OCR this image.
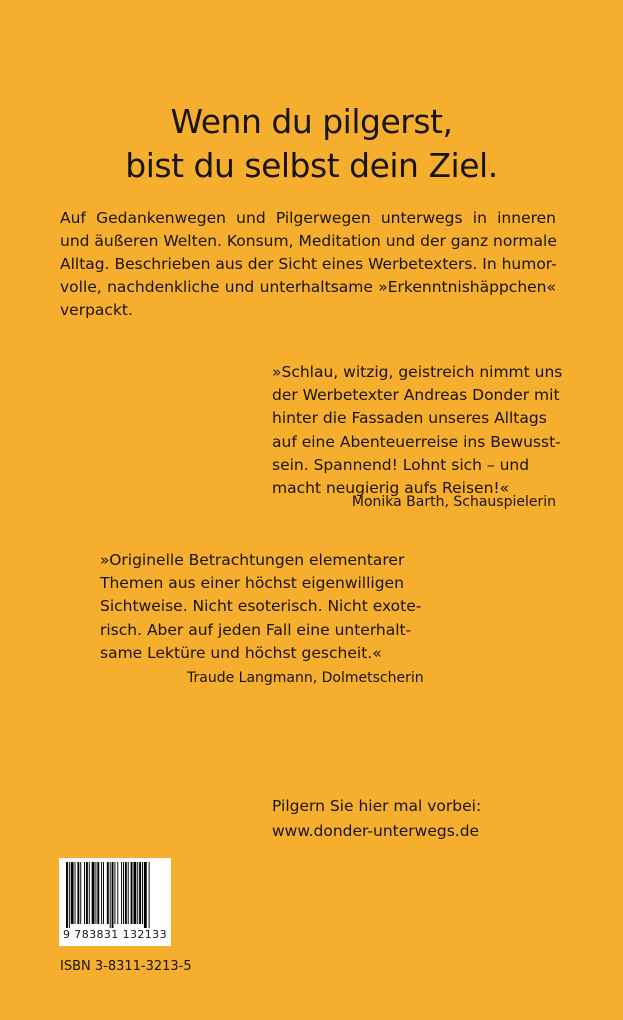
Wenn du pilgerst,
bist du selbst dein Ziel.
Auf Gedankenwegen und Pilgerwegen unterwegs in inneren
und äußeren Welten. Konsum, Meditation und der ganz normale
Alltag. Beschrieben aus der Sicht eines Werbetexters. In humor-
volle, nachdenkliche und unterhaltsame »Erkenntnishäppchen«
verpackt.
»Schlau, witzig, geistreich nimmt uns
der Werbetexter Andreas Donder mit
hinter die Fassaden unseres Alltags
auf eine Abenteuerreise ins Bewusst-
sein. Spannend! Lohnt sich – und
macht neugierig aufs Reisen!«
Monika Barth, Schauspielerin
»Originelle Betrachtungen elementarer
Themen aus einer höchst eigenwilligen
Sichtweise. Nicht esoterisch. Nicht exote-
risch. Aber auf jeden Fall eine unterhalt-
same Lektüre und höchst gescheit.«
Traude Langmann, Dolmetscherin
Pilgern Sie hier mal vorbei:
www.donder-unterwegs.de
9 783831 132133
ISBN 3-8311-3213-5
